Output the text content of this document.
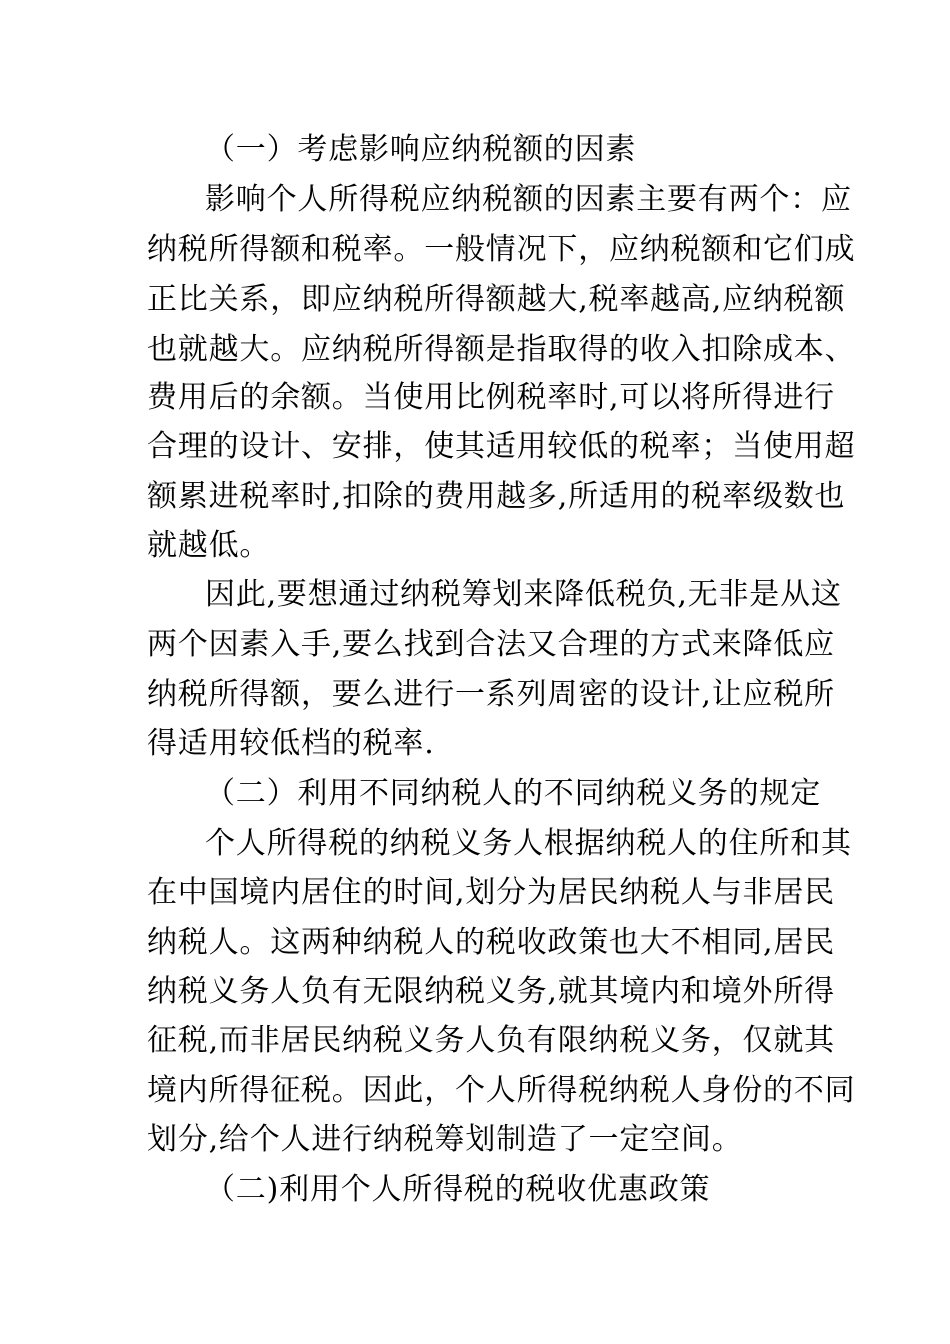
（一）考虑影响应纳税额的因素
影响个人所得税应纳税额的因素主要有两个：应
纳税所得额和税率。一般情况下，应纳税额和它们成
正比关系，即应纳税所得额越大,税率越高,应纳税额
也就越大。应纳税所得额是指取得的收入扣除成本、
费用后的余额。当使用比例税率时,可以将所得进行
合理的设计、安排，使其适用较低的税率；当使用超
额累进税率时,扣除的费用越多,所适用的税率级数也
就越低。
因此,要想通过纳税筹划来降低税负,无非是从这
两个因素入手,要么找到合法又合理的方式来降低应
纳税所得额，要么进行一系列周密的设计,让应税所
得适用较低档的税率.
（二）利用不同纳税人的不同纳税义务的规定
个人所得税的纳税义务人根据纳税人的住所和其
在中国境内居住的时间,划分为居民纳税人与非居民
纳税人。这两种纳税人的税收政策也大不相同,居民
纳税义务人负有无限纳税义务,就其境内和境外所得
征税,而非居民纳税义务人负有限纳税义务，仅就其
境内所得征税。因此，个人所得税纳税人身份的不同
划分,给个人进行纳税筹划制造了一定空间。
（二)利用个人所得税的税收优惠政策
